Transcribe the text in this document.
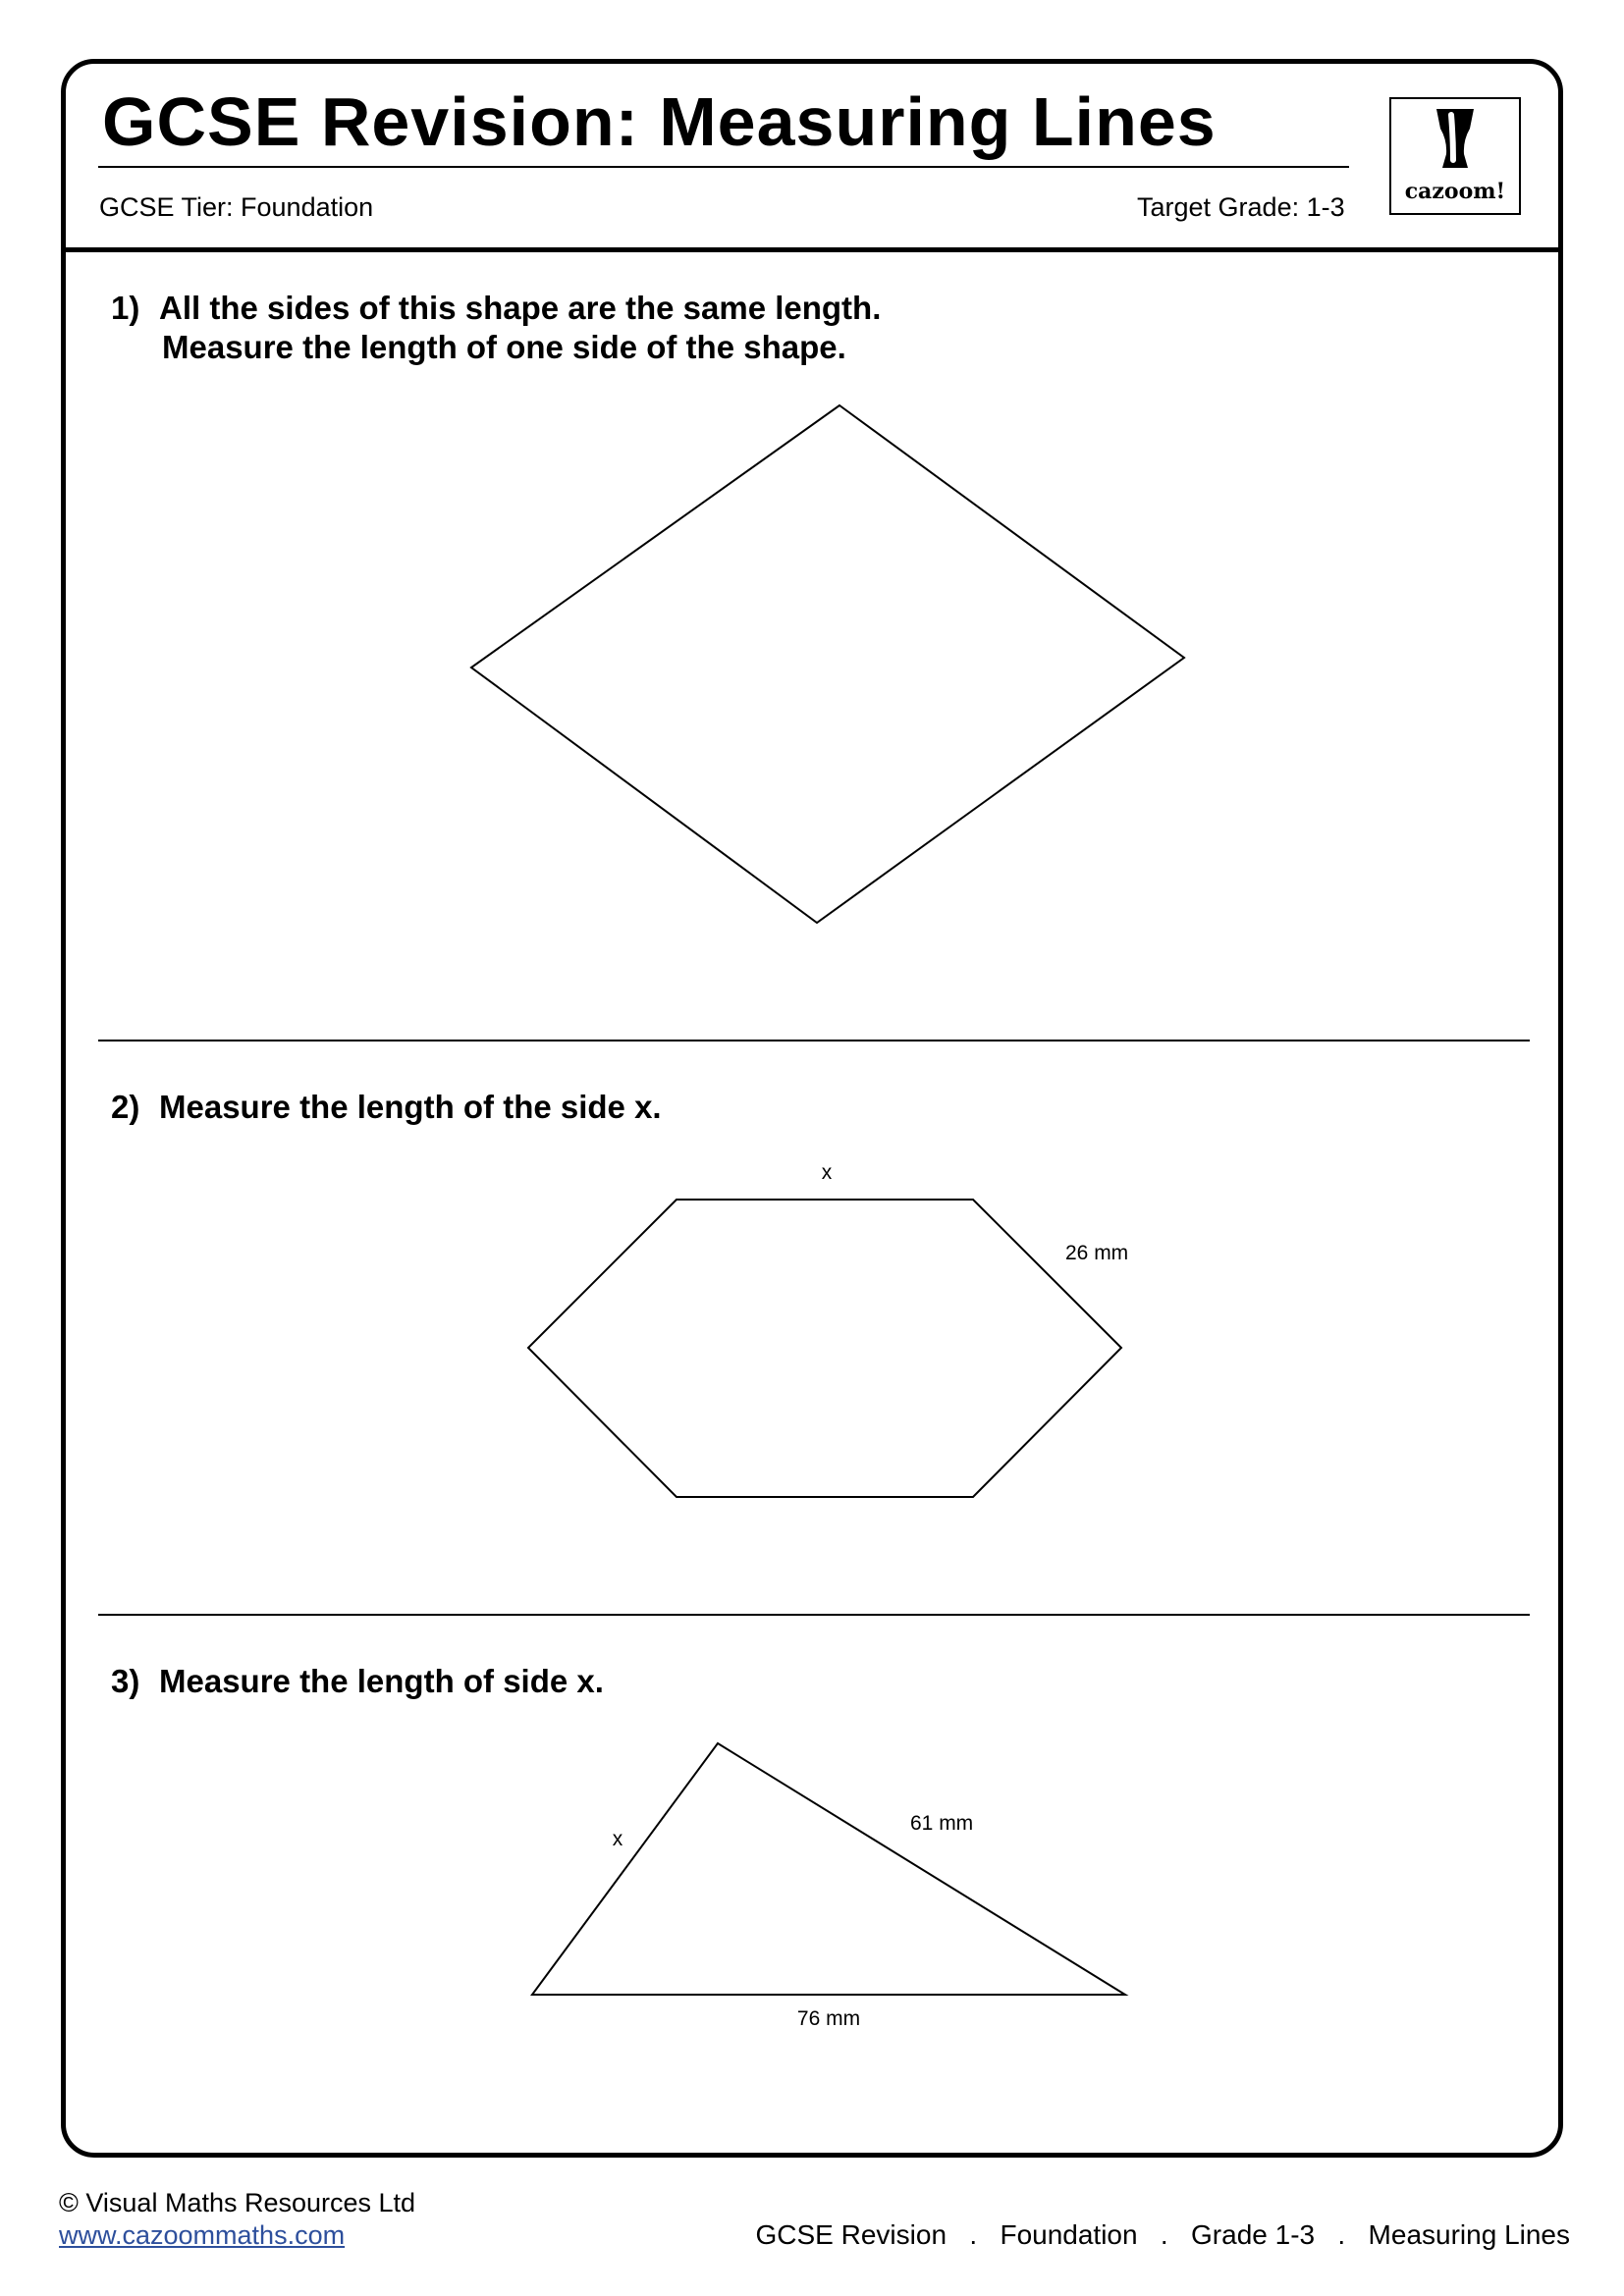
GCSE Revision: Measuring Lines
GCSE Tier: Foundation	Target Grade: 1-3
cazoom!
1) All the sides of this shape are the same length.
Measure the length of one side of the shape.
2) Measure the length of the side x.
3) Measure the length of side x.
x
26 mm
x
61 mm
76 mm
© Visual Maths Resources Ltd
www.cazoommaths.com	GCSE Revision   .   Foundation   .   Grade 1-3   .   Measuring Lines
